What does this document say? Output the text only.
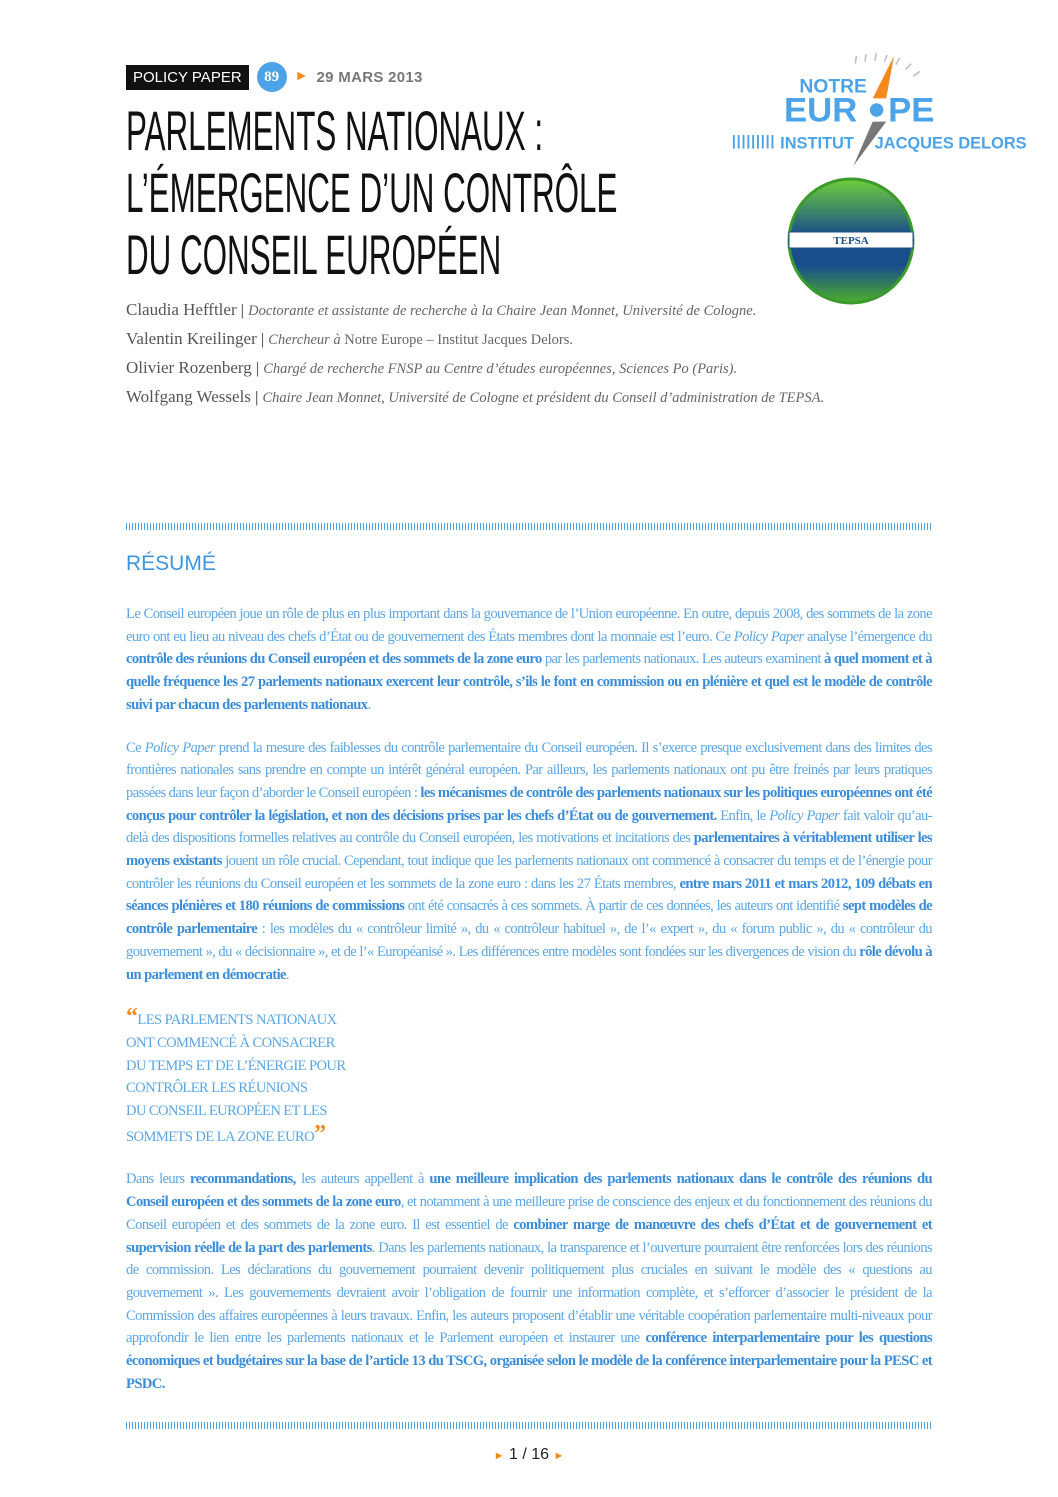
POLICY PAPER	89	► 29 MARS 2013
PARLEMENTS NATIONAUX :
L’ÉMERGENCE D’UN CONTRÔLE
DU CONSEIL EUROPÉEN
NOTRE
EUR PE
INSTITUT JACQUES DELORS
TEPSA
Claudia Hefftler | Doctorante et assistante de recherche à la Chaire Jean Monnet, Université de Cologne.
Valentin Kreilinger | Chercheur à Notre Europe – Institut Jacques Delors.
Olivier Rozenberg | Chargé de recherche FNSP au Centre d’études européennes, Sciences Po (Paris).
Wolfgang Wessels | Chaire Jean Monnet, Université de Cologne et président du Conseil d’administration de TEPSA.
RÉSUMÉ

Le Conseil européen joue un rôle de plus en plus important dans la gouvernance de l’Union européenne. En outre, depuis 2008, des sommets de la zone euro ont eu lieu au niveau des chefs d’État ou de gouvernement des États membres dont la monnaie est l’euro. Ce Policy Paper analyse l’émergence du contrôle des réunions du Conseil européen et des sommets de la zone euro par les parlements nationaux. Les auteurs examinent à quel moment et à quelle fréquence les 27 parlements nationaux exercent leur contrôle, s’ils le font en commission ou en plénière et quel est le modèle de contrôle suivi par chacun des parlements nationaux.

Ce Policy Paper prend la mesure des faiblesses du contrôle parlementaire du Conseil européen. Il s’exerce presque exclusivement dans des limites des frontières nationales sans prendre en compte un intérêt général européen. Par ailleurs, les parlements nationaux ont pu être freinés par leurs pratiques passées dans leur façon d’aborder le Conseil européen : les mécanismes de contrôle des parlements nationaux sur les politiques européennes ont été conçus pour contrôler la législation, et non des décisions prises par les chefs d’État ou de gouvernement. Enfin, le Policy Paper fait valoir qu’au-delà des dispositions formelles relatives au contrôle du Conseil européen, les motivations et incitations des parlementaires à véritablement utiliser les moyens existants jouent un rôle crucial. Cependant, tout indique que les parlements nationaux ont commencé à consacrer du temps et de l’énergie pour contrôler les réunions du Conseil européen et les sommets de la zone euro : dans les 27 États membres, entre mars 2011 et mars 2012, 109 débats en séances plénières et 180 réunions de commissions ont été consacrés à ces sommets. À partir de ces données, les auteurs ont identifié sept modèles de contrôle parlementaire : les modèles du « contrôleur limité », du « contrôleur habituel », de l’« expert », du « forum public », du « contrôleur du gouvernement », du « décisionnaire », et de l’« Européanisé ». Les différences entre modèles sont fondées sur les divergences de vision du rôle dévolu à un parlement en démocratie.

“LES PARLEMENTS NATIONAUX
ONT COMMENCÉ À CONSACRER
DU TEMPS ET DE L’ÉNERGIE POUR
CONTRÔLER LES RÉUNIONS
DU CONSEIL EUROPÉEN ET LES
SOMMETS DE LA ZONE EURO”

Dans leurs recommandations, les auteurs appellent à une meilleure implication des parlements nationaux dans le contrôle des réunions du Conseil européen et des sommets de la zone euro, et notamment à une meilleure prise de conscience des enjeux et du fonctionnement des réunions du Conseil européen et des sommets de la zone euro. Il est essentiel de combiner marge de manœuvre des chefs d’État et de gouvernement et supervision réelle de la part des parlements. Dans les parlements nationaux, la transparence et l’ouverture pourraient être renforcées lors des réunions de commission. Les déclarations du gouvernement pourraient devenir politiquement plus cruciales en suivant le modèle des « questions au gouvernement ». Les gouvernements devraient avoir l’obligation de fournir une information complète, et s’efforcer d’associer le président de la Commission des affaires européennes à leurs travaux. Enfin, les auteurs proposent d’établir une véritable coopération parlementaire multi-niveaux pour approfondir le lien entre les parlements nationaux et le Parlement européen et instaurer une conférence interparlementaire pour les questions économiques et budgétaires sur la base de l’article 13 du TSCG, organisée selon le modèle de la conférence interparlementaire pour la PESC et PSDC.

► 1 / 16 ►
